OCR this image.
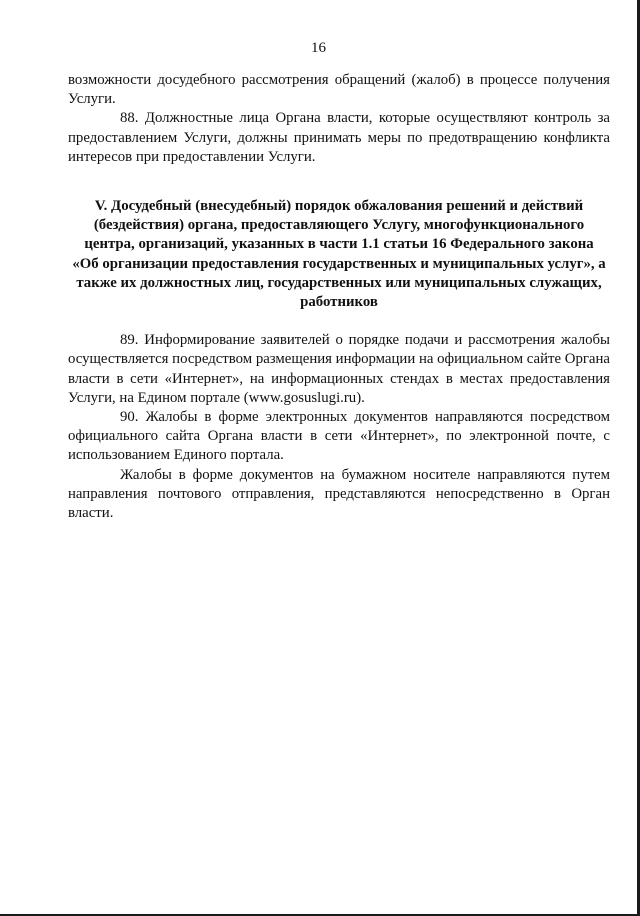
16

возможности досудебного рассмотрения обращений (жалоб) в процессе получения Услуги.

88. Должностные лица Органа власти, которые осуществляют контроль за предоставлением Услуги, должны принимать меры по предотвращению конфликта интересов при предоставлении Услуги.

V. Досудебный (внесудебный) порядок обжалования решений и действий
(бездействия) органа, предоставляющего Услугу, многофункционального
центра, организаций, указанных в части 1.1 статьи 16 Федерального закона
«Об организации предоставления государственных и муниципальных услуг», а
также их должностных лиц, государственных или муниципальных служащих,
работников

89. Информирование заявителей о порядке подачи и рассмотрения жалобы осуществляется посредством размещения информации на официальном сайте Органа власти в сети «Интернет», на информационных стендах в местах предоставления Услуги, на Едином портале (www.gosuslugi.ru).

90. Жалобы в форме электронных документов направляются посредством официального сайта Органа власти в сети «Интернет», по электронной почте, с использованием Единого портала.

Жалобы в форме документов на бумажном носителе направляются путем направления почтового отправления, представляются непосредственно в Орган власти.
